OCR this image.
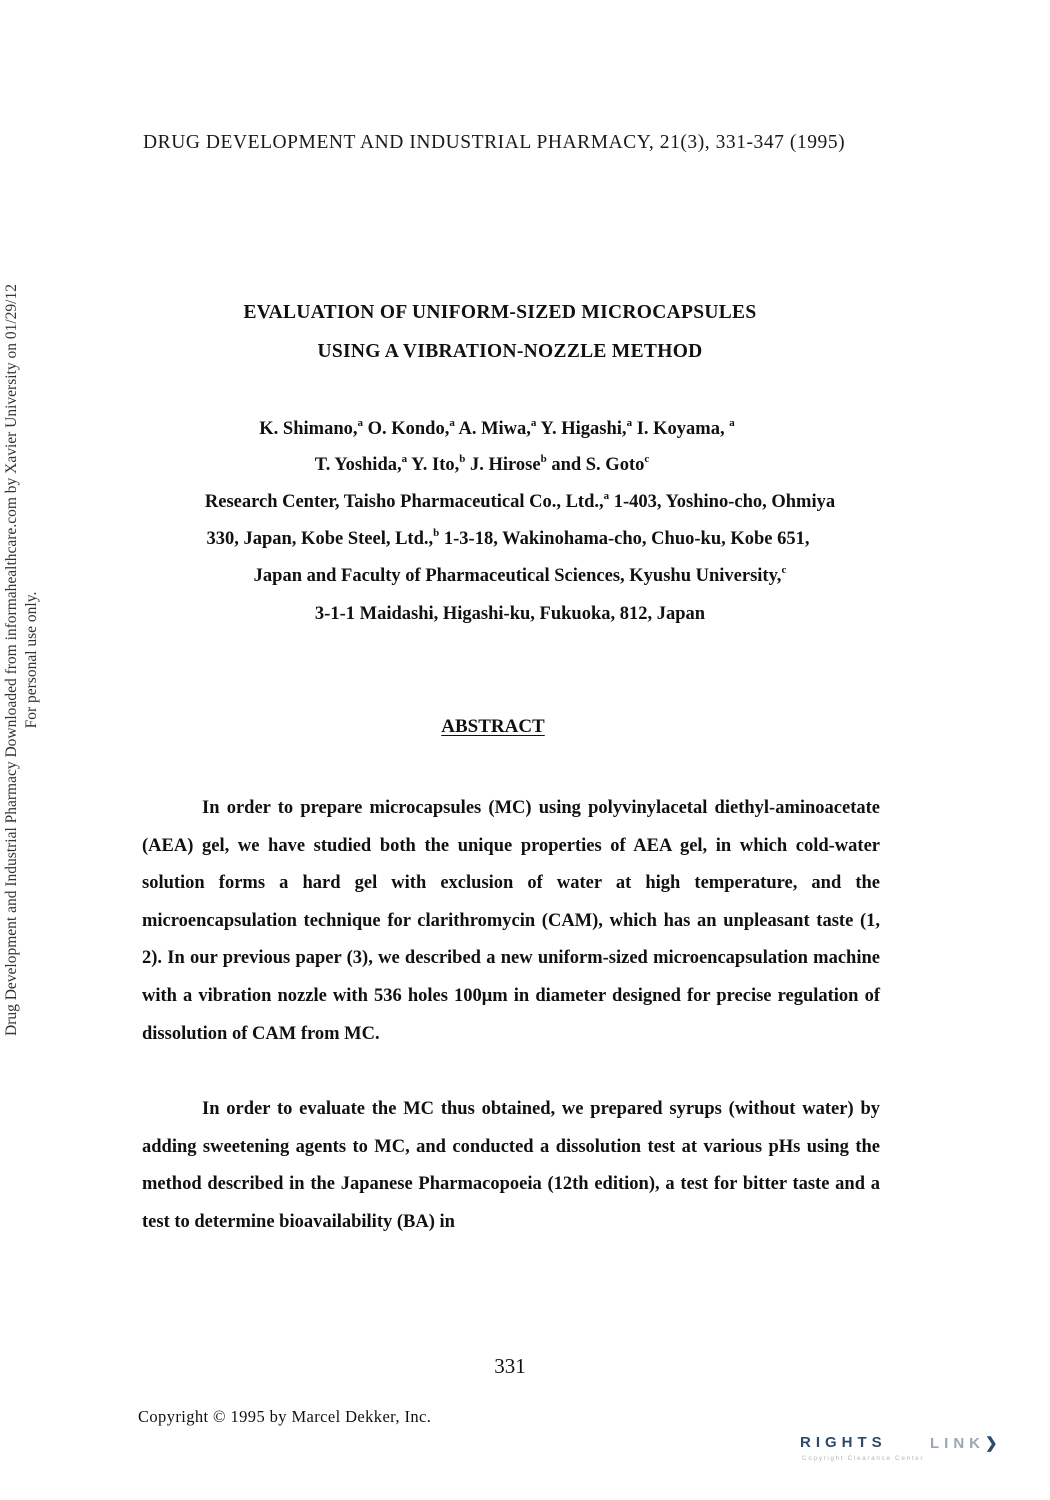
Drug Development and Industrial Pharmacy Downloaded from informahealthcare.com by Xavier University on 01/29/12 For personal use only.
DRUG DEVELOPMENT AND INDUSTRIAL PHARMACY, 21(3), 331-347 (1995)
EVALUATION OF UNIFORM-SIZED MICROCAPSULES
USING A VIBRATION-NOZZLE METHOD
K. Shimano,$^a$ O. Kondo,$^a$ A. Miwa,$^a$ Y. Higashi,$^a$ I. Koyama, $^a$
T. Yoshida,$^a$ Y. Ito,$^b$ J. Hirose$^b$ and S. Goto$^c$
Research Center, Taisho Pharmaceutical Co., Ltd.,$^a$ 1-403, Yoshino-cho, Ohmiya
330, Japan, Kobe Steel, Ltd.,$^b$ 1-3-18, Wakinohama-cho, Chuo-ku, Kobe 651,
Japan and Faculty of Pharmaceutical Sciences, Kyushu University,$^c$
3-1-1 Maidashi, Higashi-ku, Fukuoka, 812, Japan
ABSTRACT

In order to prepare microcapsules (MC) using polyvinylacetal diethyl-aminoacetate (AEA) gel, we have studied both the unique properties of AEA gel, in which cold-water solution forms a hard gel with exclusion of water at high temperature, and the microencapsulation technique for clarithromycin (CAM), which has an unpleasant taste (1, 2). In our previous paper (3), we described a new uniform-sized microencapsulation machine with a vibration nozzle with 536 holes 100μm in diameter designed for precise regulation of dissolution of CAM from MC.

In order to evaluate the MC thus obtained, we prepared syrups (without water) by adding sweetening agents to MC, and conducted a dissolution test at various pHs using the method described in the Japanese Pharmacopoeia (12th edition), a test for bitter taste and a test to determine bioavailability (BA) in

331
Copyright © 1995 by Marcel Dekker, Inc.
RIGHTS	LINK❯
Copyright Clearance Center
